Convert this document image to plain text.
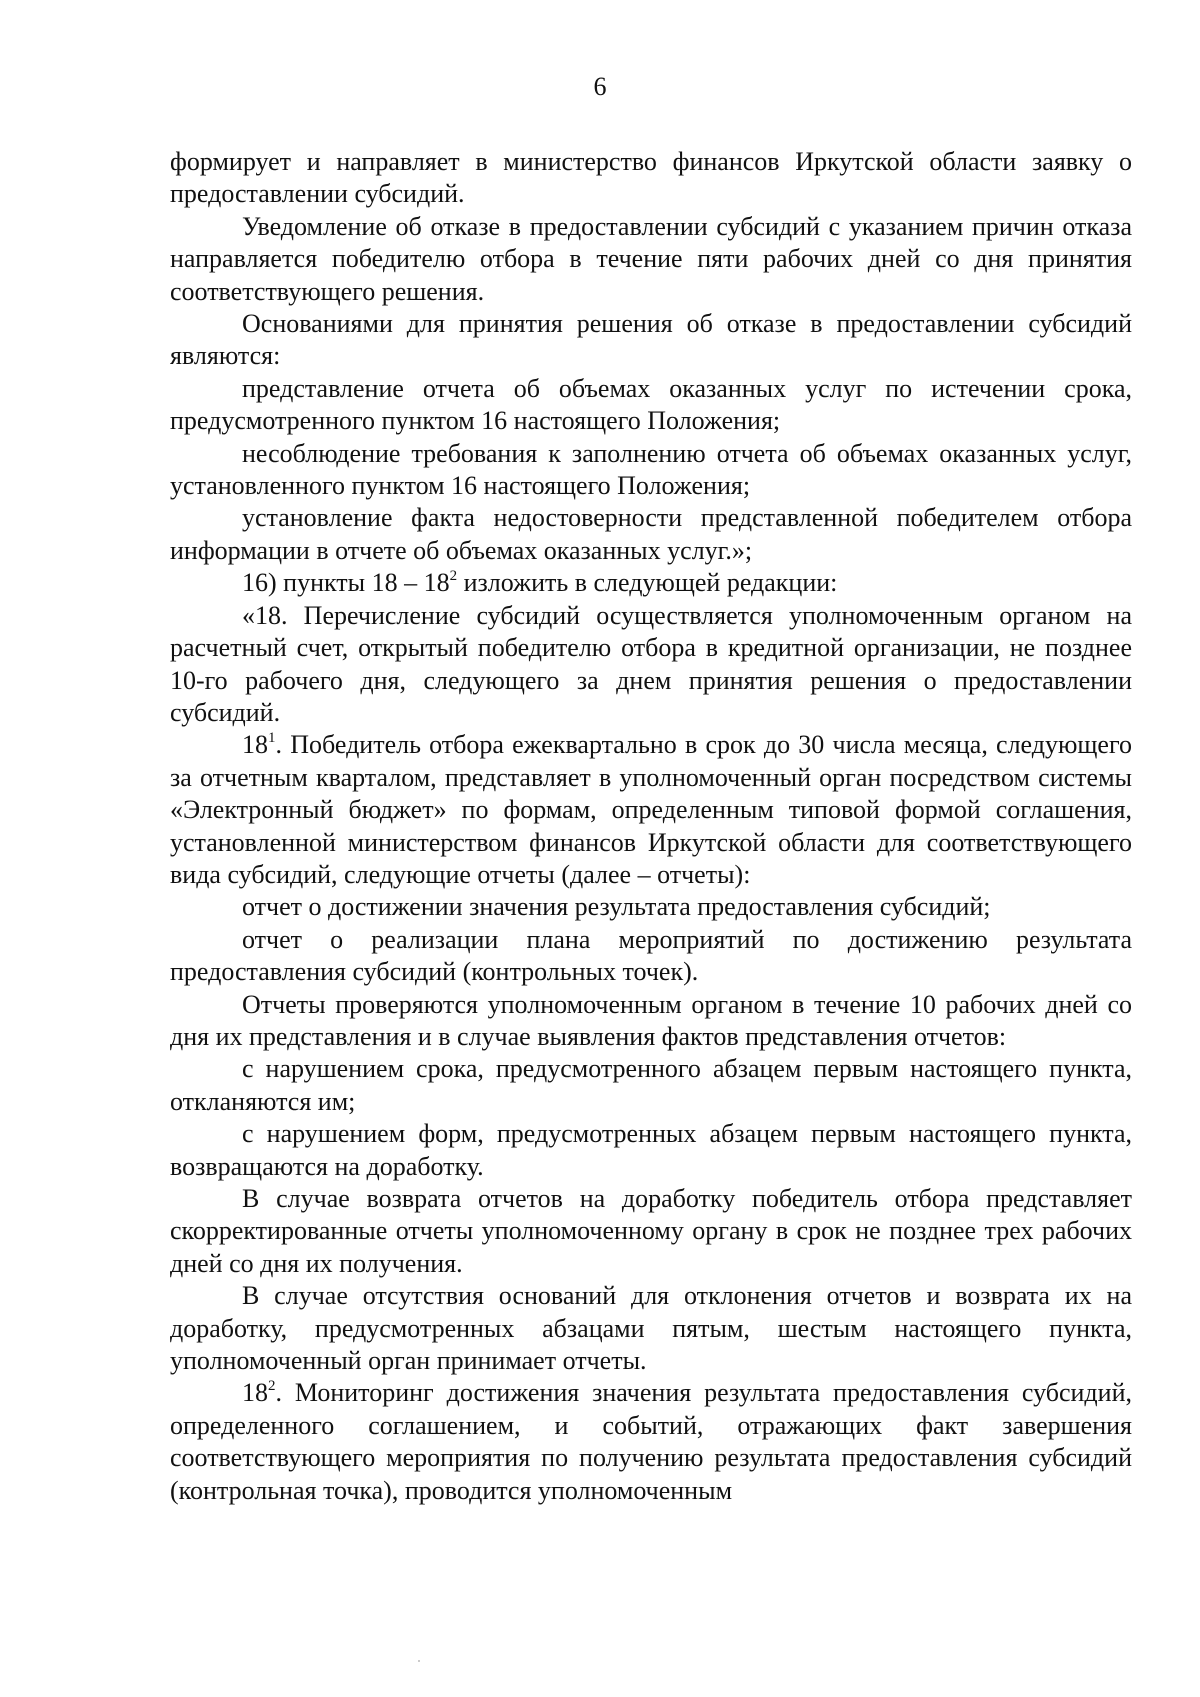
6

формирует и направляет в министерство финансов Иркутской области заявку о предоставлении субсидий.

Уведомление об отказе в предоставлении субсидий с указанием причин отказа направляется победителю отбора в течение пяти рабочих дней со дня принятия соответствующего решения.

Основаниями для принятия решения об отказе в предоставлении субсидий являются:

представление отчета об объемах оказанных услуг по истечении срока, предусмотренного пунктом 16 настоящего Положения;

несоблюдение требования к заполнению отчета об объемах оказанных услуг, установленного пунктом 16 настоящего Положения;

установление факта недостоверности представленной победителем отбора информации в отчете об объемах оказанных услуг.»;

16) пункты $18 - 18^2$ изложить в следующей редакции:

«18. Перечисление субсидий осуществляется уполномоченным органом на расчетный счет, открытый победителю отбора в кредитной организации, не позднее 10-го рабочего дня, следующего за днем принятия решения о предоставлении субсидий.

$18^1$. Победитель отбора ежеквартально в срок до 30 числа месяца, следующего за отчетным кварталом, представляет в уполномоченный орган посредством системы «Электронный бюджет» по формам, определенным типовой формой соглашения, установленной министерством финансов Иркутской области для соответствующего вида субсидий, следующие отчеты (далее – отчеты):

отчет о достижении значения результата предоставления субсидий;

отчет о реализации плана мероприятий по достижению результата предоставления субсидий (контрольных точек).

Отчеты проверяются уполномоченным органом в течение 10 рабочих дней со дня их представления и в случае выявления фактов представления отчетов:

с нарушением срока, предусмотренного абзацем первым настоящего пункта, откланяются им;

с нарушением форм, предусмотренных абзацем первым настоящего пункта, возвращаются на доработку.

В случае возврата отчетов на доработку победитель отбора представляет скорректированные отчеты уполномоченному органу в срок не позднее трех рабочих дней со дня их получения.

В случае отсутствия оснований для отклонения отчетов и возврата их на доработку, предусмотренных абзацами пятым, шестым настоящего пункта, уполномоченный орган принимает отчеты.

$18^2$. Мониторинг достижения значения результата предоставления субсидий, определенного соглашением, и событий, отражающих факт завершения соответствующего мероприятия по получению результата предоставления субсидий (контрольная точка), проводится уполномоченным
